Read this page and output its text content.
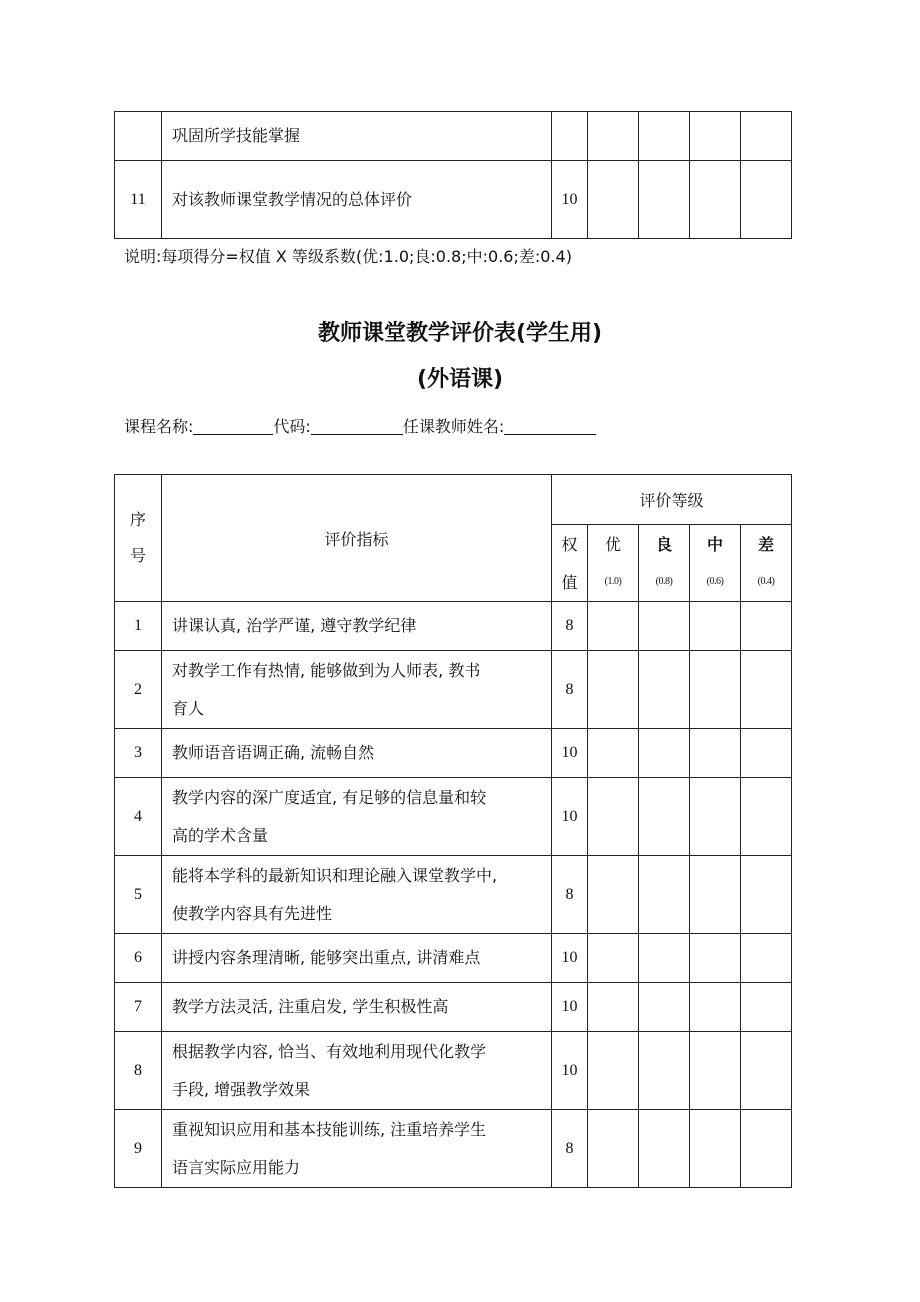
	巩固所学技能掌握					
11	对该教师课堂教学情况的总体评价	10				
说明:每项得分=权值 X 等级系数(优:1.0;良:0.8;中:0.6;差:0.4)
教师课堂教学评价表(学生用)
(外语课)
课程名称:	代码:	任课教师姓名:
序号	评价指标	评价等级				
		权	优	良	中	差
		值	(1.0)	(0.8)	(0.6)	(0.4)
1	讲课认真, 治学严谨, 遵守教学纪律	8				
2	对教学工作有热情, 能够做到为人师表, 教书
育人	8				
3	教师语音语调正确, 流畅自然	10				
4	教学内容的深广度适宜, 有足够的信息量和较
高的学术含量	10				
5	能将本学科的最新知识和理论融入课堂教学中,
使教学内容具有先进性	8				
6	讲授内容条理清晰, 能够突出重点, 讲清难点	10				
7	教学方法灵活, 注重启发, 学生积极性高	10				
8	根据教学内容, 恰当、有效地利用现代化教学
手段, 增强教学效果	10				
9	重视知识应用和基本技能训练, 注重培养学生
语言实际应用能力	8				
